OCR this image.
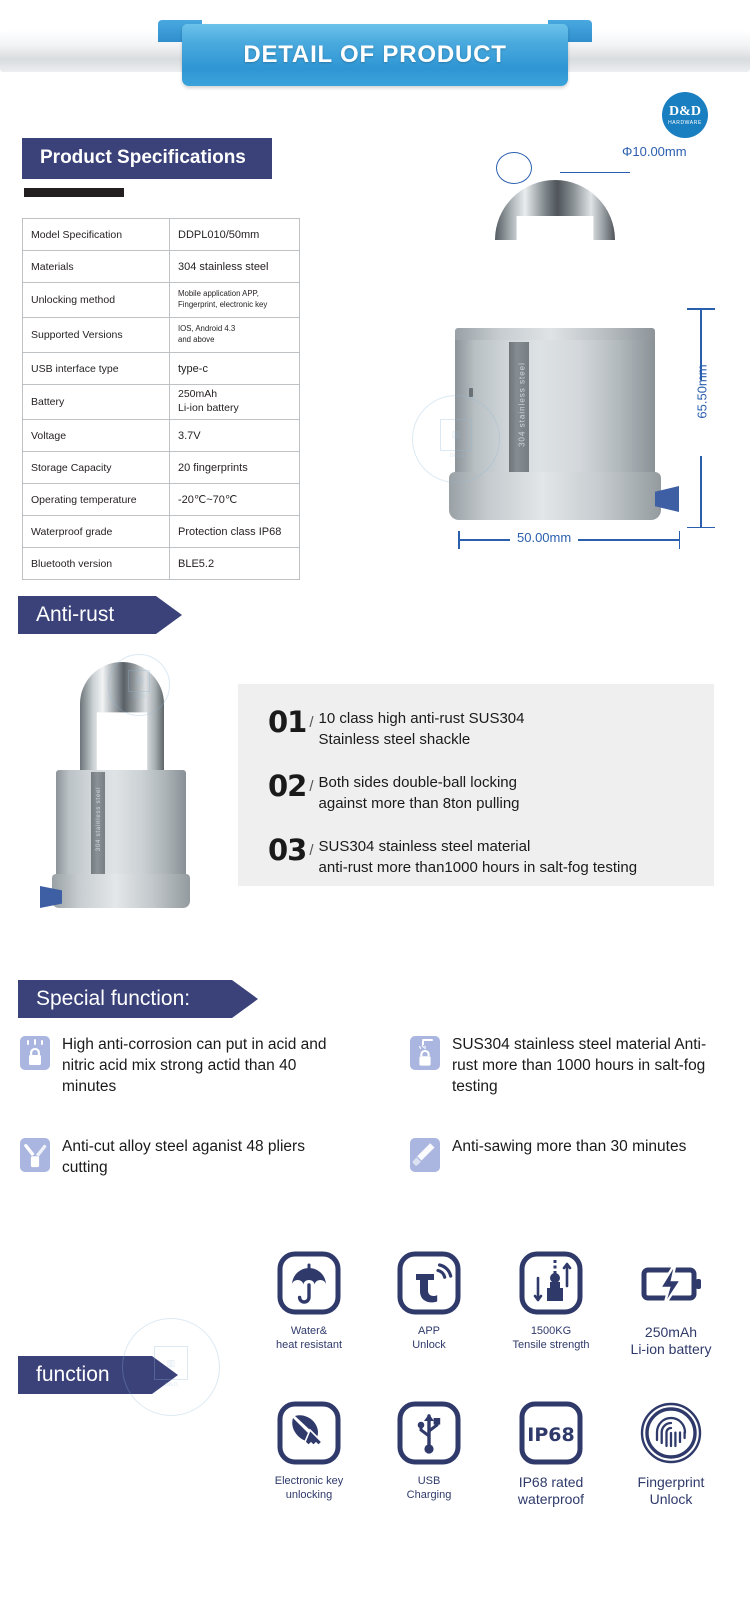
DETAIL OF PRODUCT
D&D
HARDWARE
Product Specifications
Model Specification	DDPL010/50mm
Materials	304 stainless steel
Unlocking method	Mobile application APP,
Fingerprint, electronic key
Supported Versions	IOS, Android 4.3
and above
USB interface type	type-c
Battery	250mAh
Li-ion battery
Voltage	3.7V
Storage Capacity	20 fingerprints
Operating temperature	-20℃~70℃
Waterproof grade	Protection class IP68
Bluetooth version	BLE5.2
304 stainless steel
▥
D&D
Φ10.00mm
65.50mm
50.00mm
Anti-rust
304 stainless steel
▥
D&D
01 / 10 class high anti-rust SUS304
Stainless steel shackle
02 / Both sides double-ball locking
against more than 8ton pulling
03 / SUS304 stainless steel material
anti-rust more than1000 hours in salt-fog testing
Special function:
High anti-corrosion can put in acid and nitric acid mix strong actid than 40 minutes
SUS304 stainless steel material Anti-rust more than 1000 hours in salt-fog testing
Anti-cut alloy steel aganist 48 pliers cutting
Anti-sawing more than 30 minutes
function
Water&
heat resistant
APP
Unlock
1500KG
Tensile strength
250mAh
Li-ion battery
Electronic key
unlocking
USB
Charging
IP68
IP68 rated
waterproof
Fingerprint
Unlock
▥
D&D
